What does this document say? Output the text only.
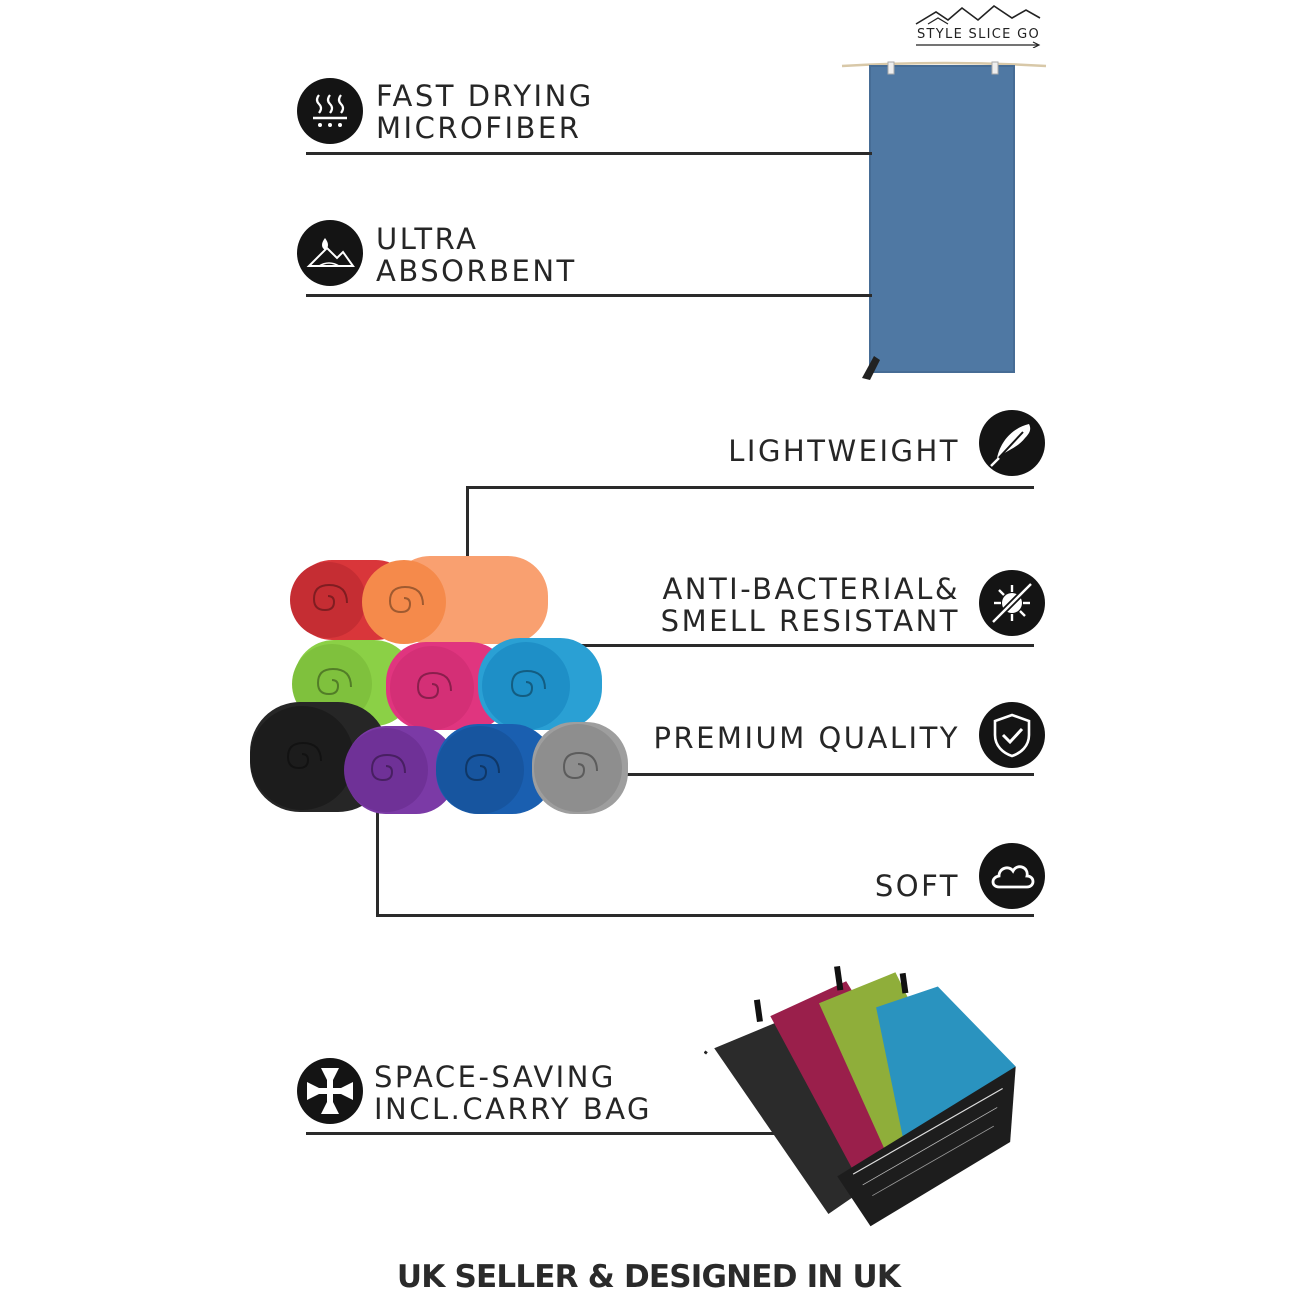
STYLE SLICE GO
FAST DRYING
MICROFIBER
ULTRA
ABSORBENT
LIGHTWEIGHT
ANTI-BACTERIAL&
SMELL RESISTANT
PREMIUM QUALITY
SOFT
SPACE-SAVING
INCL.CARRY BAG
UK SELLER & DESIGNED IN UK
